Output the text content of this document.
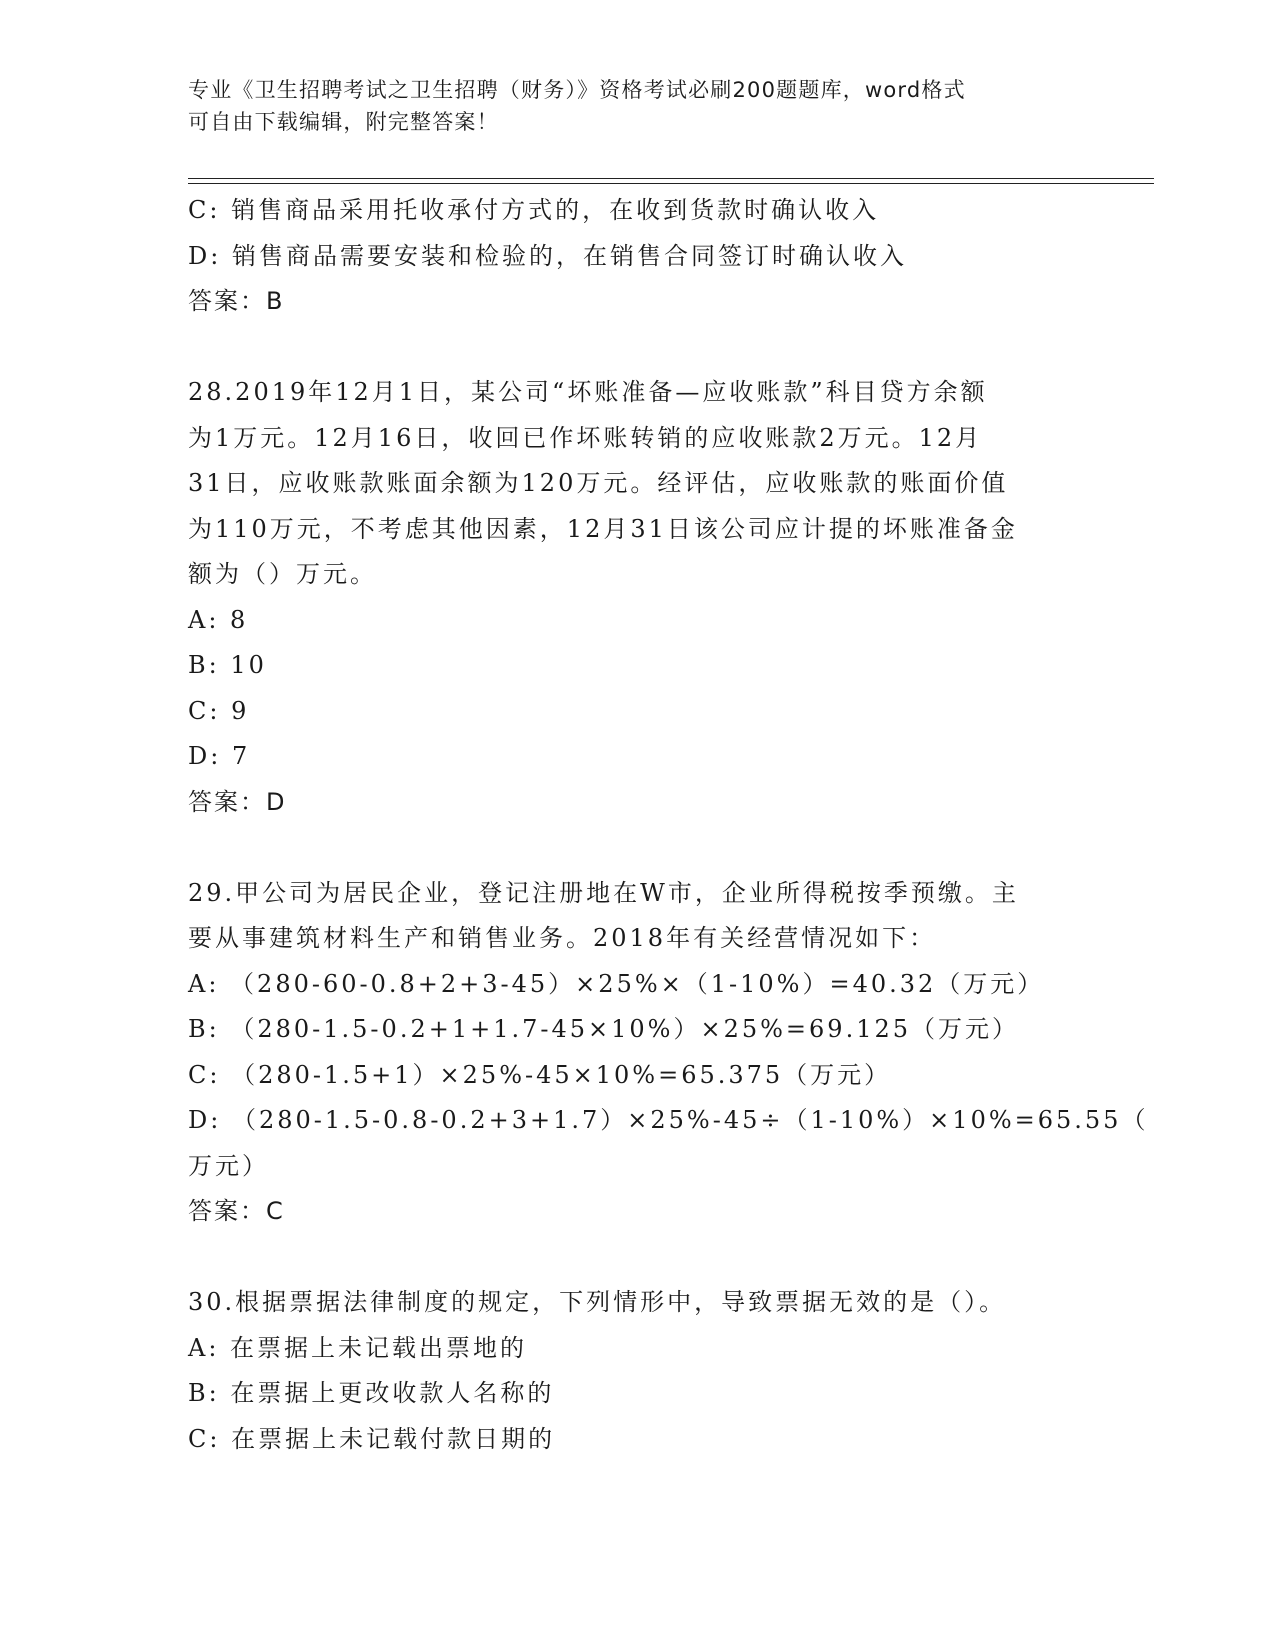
专业《卫生招聘考试之卫生招聘（财务）》资格考试必刷200题题库，word格式
可自由下载编辑，附完整答案！
C: 销售商品采用托收承付方式的，在收到货款时确认收入
D: 销售商品需要安装和检验的，在销售合同签订时确认收入
答案：B
28.2019年12月1日，某公司“坏账准备—应收账款”科目贷方余额
为1万元。12月16日，收回已作坏账转销的应收账款2万元。12月
31日，应收账款账面余额为120万元。经评估，应收账款的账面价值
为110万元，不考虑其他因素，12月31日该公司应计提的坏账准备金
额为（）万元。
A: 8
B: 10
C: 9
D: 7
答案：D
29.甲公司为居民企业，登记注册地在W市，企业所得税按季预缴。主
要从事建筑材料生产和销售业务。2018年有关经营情况如下：
A: （280-60-0.8+2+3-45）×25%×（1-10%）=40.32（万元）
B: （280-1.5-0.2+1+1.7-45×10%）×25%=69.125（万元）
C: （280-1.5+1）×25%-45×10%=65.375（万元）
D: （280-1.5-0.8-0.2+3+1.7）×25%-45÷（1-10%）×10%=65.55（
万元）
答案：C
30.根据票据法律制度的规定，下列情形中，导致票据无效的是（）。
A: 在票据上未记载出票地的
B: 在票据上更改收款人名称的
C: 在票据上未记载付款日期的
